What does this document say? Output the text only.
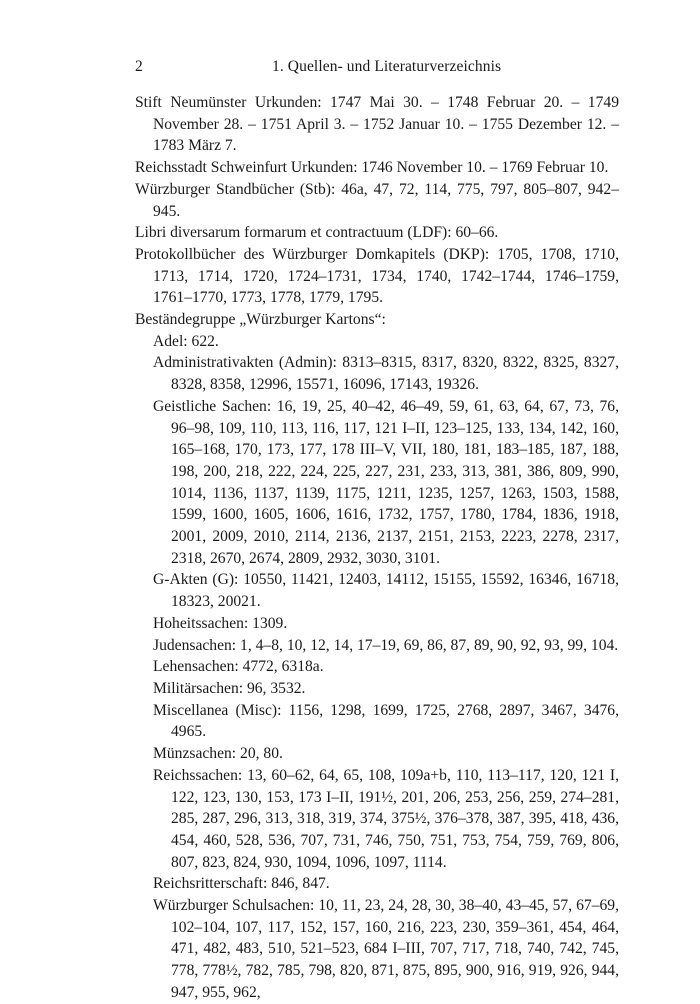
2	1. Quellen- und Literaturverzeichnis

Stift Neumünster Urkunden: 1747 Mai 30. – 1748 Februar 20. – 1749 November 28. – 1751 April 3. – 1752 Januar 10. – 1755 Dezember 12. – 1783 März 7.

Reichsstadt Schweinfurt Urkunden: 1746 November 10. – 1769 Februar 10.

Würzburger Standbücher (Stb): 46a, 47, 72, 114, 775, 797, 805–807, 942–945.

Libri diversarum formarum et contractuum (LDF): 60–66.

Protokollbücher des Würzburger Domkapitels (DKP): 1705, 1708, 1710, 1713, 1714, 1720, 1724–1731, 1734, 1740, 1742–1744, 1746–1759, 1761–1770, 1773, 1778, 1779, 1795.

Beständegruppe „Würzburger Kartons“:

Adel: 622.

Administrativakten (Admin): 8313–8315, 8317, 8320, 8322, 8325, 8327, 8328, 8358, 12996, 15571, 16096, 17143, 19326.

Geistliche Sachen: 16, 19, 25, 40–42, 46–49, 59, 61, 63, 64, 67, 73, 76, 96–98, 109, 110, 113, 116, 117, 121 I–II, 123–125, 133, 134, 142, 160, 165–168, 170, 173, 177, 178 III–V, VII, 180, 181, 183–185, 187, 188, 198, 200, 218, 222, 224, 225, 227, 231, 233, 313, 381, 386, 809, 990, 1014, 1136, 1137, 1139, 1175, 1211, 1235, 1257, 1263, 1503, 1588, 1599, 1600, 1605, 1606, 1616, 1732, 1757, 1780, 1784, 1836, 1918, 2001, 2009, 2010, 2114, 2136, 2137, 2151, 2153, 2223, 2278, 2317, 2318, 2670, 2674, 2809, 2932, 3030, 3101.

G-Akten (G): 10550, 11421, 12403, 14112, 15155, 15592, 16346, 16718, 18323, 20021.

Hoheitssachen: 1309.

Judensachen: 1, 4–8, 10, 12, 14, 17–19, 69, 86, 87, 89, 90, 92, 93, 99, 104.

Lehensachen: 4772, 6318a.

Militärsachen: 96, 3532.

Miscellanea (Misc): 1156, 1298, 1699, 1725, 2768, 2897, 3467, 3476, 4965.

Münzsachen: 20, 80.

Reichssachen: 13, 60–62, 64, 65, 108, 109a+b, 110, 113–117, 120, 121 I, 122, 123, 130, 153, 173 I–II, 191½, 201, 206, 253, 256, 259, 274–281, 285, 287, 296, 313, 318, 319, 374, 375½, 376–378, 387, 395, 418, 436, 454, 460, 528, 536, 707, 731, 746, 750, 751, 753, 754, 759, 769, 806, 807, 823, 824, 930, 1094, 1096, 1097, 1114.

Reichsritterschaft: 846, 847.

Würzburger Schulsachen: 10, 11, 23, 24, 28, 30, 38–40, 43–45, 57, 67–69, 102–104, 107, 117, 152, 157, 160, 216, 223, 230, 359–361, 454, 464, 471, 482, 483, 510, 521–523, 684 I–III, 707, 717, 718, 740, 742, 745, 778, 778½, 782, 785, 798, 820, 871, 875, 895, 900, 916, 919, 926, 944, 947, 955, 962,
